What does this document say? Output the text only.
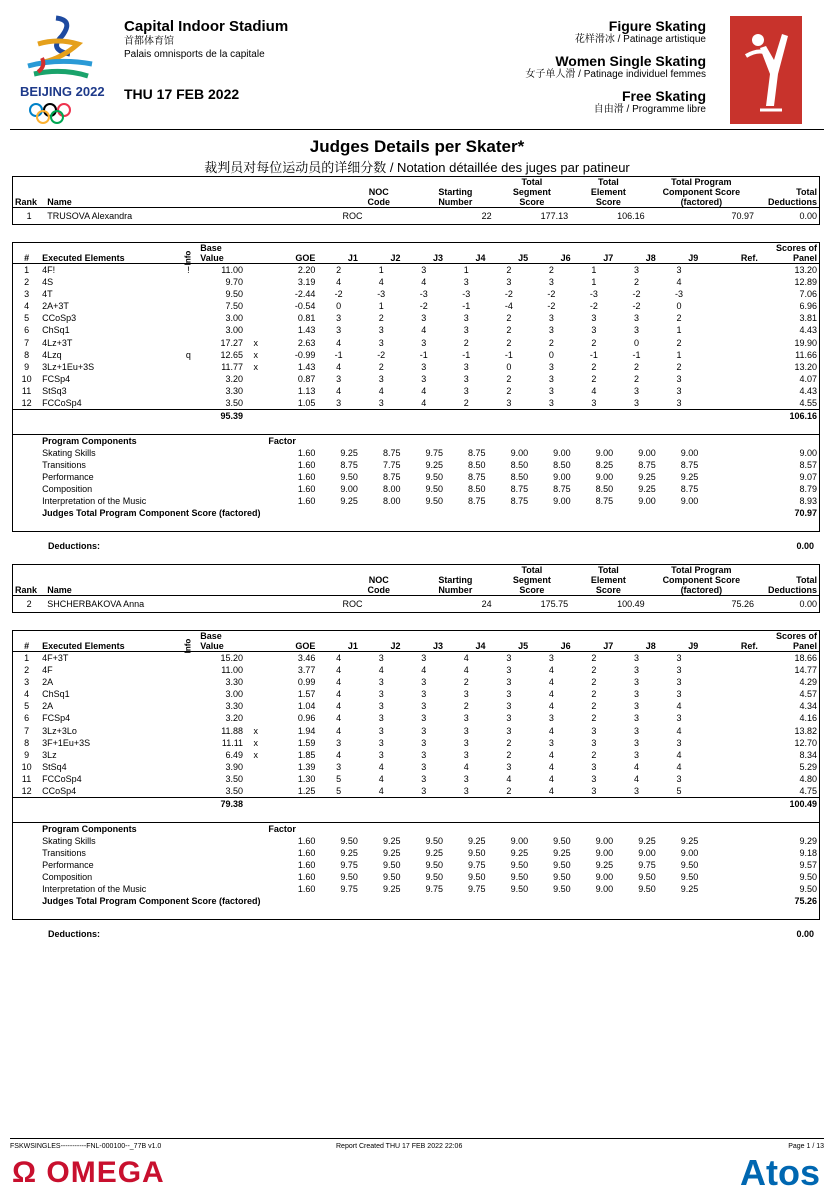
BEIJING 2022
Capital Indoor Stadium
首都体育馆
Palais omnisports de la capitale
THU 17 FEB 2022
Figure Skating
花样滑冰 / Patinage artistique
Women Single Skating
女子单人滑 / Patinage individuel femmes
Free Skating
自由滑 / Programme libre
Judges Details per Skater*
裁判员对每位运动员的详细分数 / Notation détaillée des juges par patineur
Rank	Name	NOC
Code	Starting
Number	Total
Segment
Score	Total
Element
Score	Total Program
Component Score
(factored)	Total
Deductions
1	TRUSOVA Alexandra	ROC	22	177.13	106.16	70.97	0.00
#	Executed Elements	Info	Base
Value		GOE	J1	J2	J3	J4	J5	J6	J7	J8	J9	Ref.	Scores of
Panel
1	4F!	!	11.00		2.20	2	1	3	1	2	2	1	3	3		13.20
2	4S		9.70		3.19	4	4	4	3	3	3	1	2	4		12.89
3	4T		9.50		-2.44	-2	-3	-3	-3	-2	-2	-3	-2	-3		7.06
4	2A+3T		7.50		-0.54	0	1	-2	-1	-4	-2	-2	-2	0		6.96
5	CCoSp3		3.00		0.81	3	2	3	3	2	3	3	3	2		3.81
6	ChSq1		3.00		1.43	3	3	4	3	2	3	3	3	1		4.43
7	4Lz+3T		17.27	x	2.63	4	3	3	2	2	2	2	0	2		19.90
8	4Lzq	q	12.65	x	-0.99	-1	-2	-1	-1	-1	0	-1	-1	1		11.66
9	3Lz+1Eu+3S		11.77	x	1.43	4	2	3	3	0	3	2	2	2		13.20
10	FCSp4		3.20		0.87	3	3	3	3	2	3	2	2	3		4.07
11	StSq3		3.30		1.13	4	4	4	3	2	3	4	3	3		4.43
12	FCCoSp4		3.50		1.05	3	3	4	2	3	3	3	3	3		4.55
			95.39													106.16

	Program Components				Factor											
	Skating Skills				1.60	9.25	8.75	9.75	8.75	9.00	9.00	9.00	9.00	9.00		9.00
	Transitions				1.60	8.75	7.75	9.25	8.50	8.50	8.50	8.25	8.75	8.75		8.57
	Performance				1.60	9.50	8.75	9.50	8.75	8.50	9.00	9.00	9.25	9.25		9.07
	Composition				1.60	9.00	8.00	9.50	8.50	8.75	8.75	8.50	9.25	8.75		8.79
	Interpretation of the Music				1.60	9.25	8.00	9.50	8.75	8.75	9.00	8.75	9.00	9.00		8.93
	Judges Total Program Component Score (factored)															70.97

Deductions:	0.00
Rank	Name	NOC
Code	Starting
Number	Total
Segment
Score	Total
Element
Score	Total Program
Component Score
(factored)	Total
Deductions
2	SHCHERBAKOVA Anna	ROC	24	175.75	100.49	75.26	0.00
#	Executed Elements	Info	Base
Value		GOE	J1	J2	J3	J4	J5	J6	J7	J8	J9	Ref.	Scores of
Panel
1	4F+3T		15.20		3.46	4	3	3	4	3	3	2	3	3		18.66
2	4F		11.00		3.77	4	4	4	4	3	4	2	3	3		14.77
3	2A		3.30		0.99	4	3	3	2	3	4	2	3	3		4.29
4	ChSq1		3.00		1.57	4	3	3	3	3	4	2	3	3		4.57
5	2A		3.30		1.04	4	3	3	2	3	4	2	3	4		4.34
6	FCSp4		3.20		0.96	4	3	3	3	3	3	2	3	3		4.16
7	3Lz+3Lo		11.88	x	1.94	4	3	3	3	3	4	3	3	4		13.82
8	3F+1Eu+3S		11.11	x	1.59	3	3	3	3	2	3	3	3	3		12.70
9	3Lz		6.49	x	1.85	4	3	3	3	2	4	2	3	4		8.34
10	StSq4		3.90		1.39	3	4	3	4	3	4	3	4	4		5.29
11	FCCoSp4		3.50		1.30	5	4	3	3	4	4	3	4	3		4.80
12	CCoSp4		3.50		1.25	5	4	3	3	2	4	3	3	5		4.75
			79.38													100.49

	Program Components				Factor											
	Skating Skills				1.60	9.50	9.25	9.50	9.25	9.00	9.50	9.00	9.25	9.25		9.29
	Transitions				1.60	9.25	9.25	9.25	9.50	9.25	9.25	9.00	9.00	9.00		9.18
	Performance				1.60	9.75	9.50	9.50	9.75	9.50	9.50	9.25	9.75	9.50		9.57
	Composition				1.60	9.50	9.50	9.50	9.50	9.50	9.50	9.00	9.50	9.50		9.50
	Interpretation of the Music				1.60	9.75	9.25	9.75	9.75	9.50	9.50	9.00	9.50	9.25		9.50
	Judges Total Program Component Score (factored)															75.26

Deductions:	0.00
FSKWSINGLES-----------FNL-000100--_77B v1.0	Report Created THU 17 FEB 2022 22:06	Page 1 / 13
Ω OMEGA	Atos
